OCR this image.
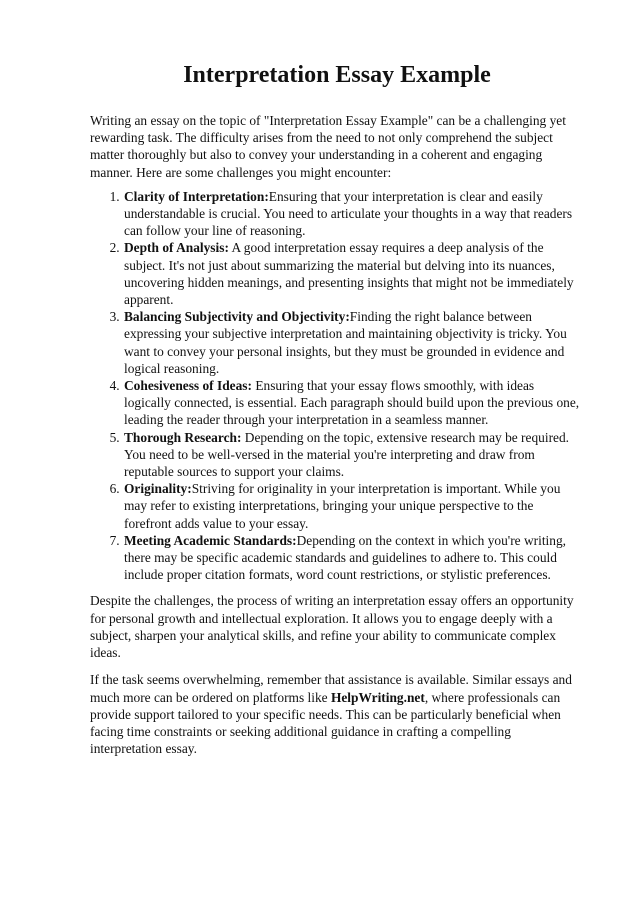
Interpretation Essay Example

Writing an essay on the topic of "Interpretation Essay Example" can be a challenging yet rewarding task. The difficulty arises from the need to not only comprehend the subject matter thoroughly but also to convey your understanding in a coherent and engaging manner. Here are some challenges you might encounter:

1. Clarity of Interpretation:Ensuring that your interpretation is clear and easily understandable is crucial. You need to articulate your thoughts in a way that readers can follow your line of reasoning.
2. Depth of Analysis: A good interpretation essay requires a deep analysis of the subject. It's not just about summarizing the material but delving into its nuances, uncovering hidden meanings, and presenting insights that might not be immediately apparent.
3. Balancing Subjectivity and Objectivity:Finding the right balance between expressing your subjective interpretation and maintaining objectivity is tricky. You want to convey your personal insights, but they must be grounded in evidence and logical reasoning.
4. Cohesiveness of Ideas: Ensuring that your essay flows smoothly, with ideas logically connected, is essential. Each paragraph should build upon the previous one, leading the reader through your interpretation in a seamless manner.
5. Thorough Research: Depending on the topic, extensive research may be required. You need to be well-versed in the material you're interpreting and draw from reputable sources to support your claims.
6. Originality:Striving for originality in your interpretation is important. While you may refer to existing interpretations, bringing your unique perspective to the forefront adds value to your essay.
7. Meeting Academic Standards:Depending on the context in which you're writing, there may be specific academic standards and guidelines to adhere to. This could include proper citation formats, word count restrictions, or stylistic preferences.

Despite the challenges, the process of writing an interpretation essay offers an opportunity for personal growth and intellectual exploration. It allows you to engage deeply with a subject, sharpen your analytical skills, and refine your ability to communicate complex ideas.

If the task seems overwhelming, remember that assistance is available. Similar essays and much more can be ordered on platforms like HelpWriting.net, where professionals can provide support tailored to your specific needs. This can be particularly beneficial when facing time constraints or seeking additional guidance in crafting a compelling interpretation essay.
